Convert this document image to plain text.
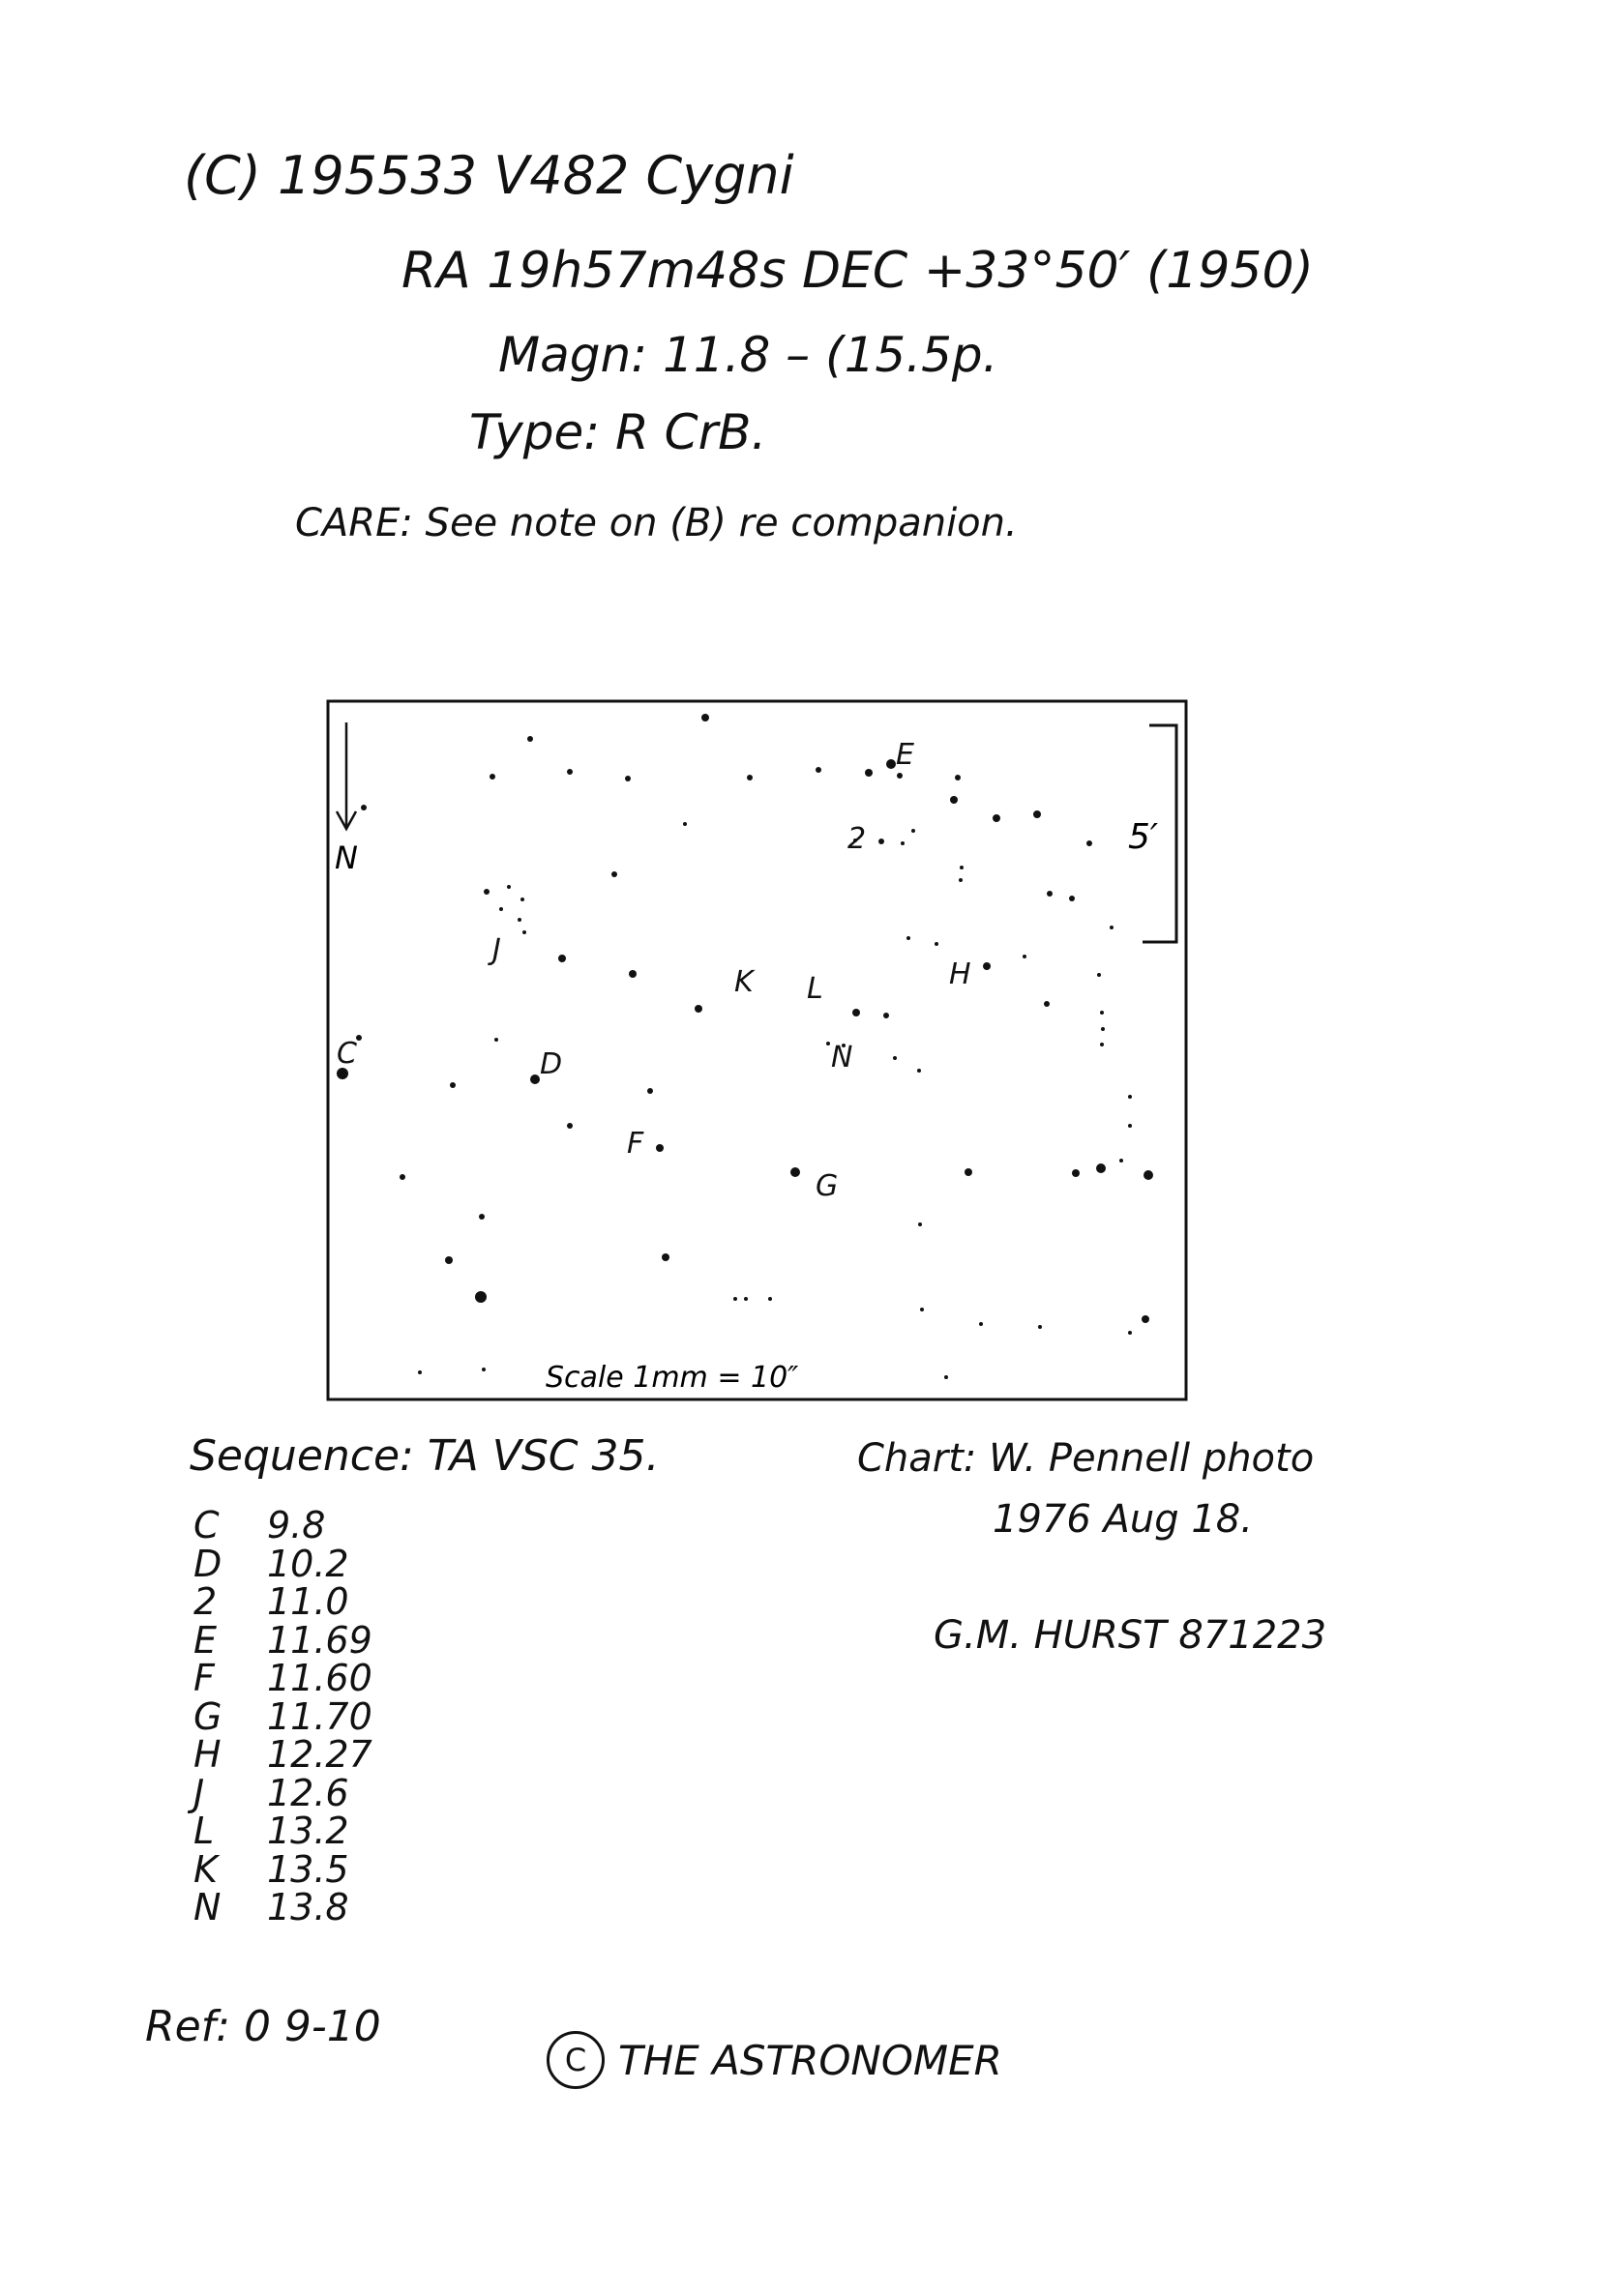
(C) 195533 V482 Cygni
RA 19h57m48s DEC +33°50′ (1950)
Magn: 11.8 – (15.5p.
Type: R CrB.
CARE: See note on (B) re companion.
N
5′
C	D
2
E
F
G
H
J
K L
N
Scale 1mm = 10″
Sequence: TA VSC 35.
C 9.8
D 10.2
2 11.0
E 11.69
F 11.60
G 11.70
H 12.27
J 12.6
L 13.2
K 13.5
N 13.8
Chart: W. Pennell photo
1976 Aug 18.
G.M. HURST 871223
Ref: 0 9-10
C THE ASTRONOMER
